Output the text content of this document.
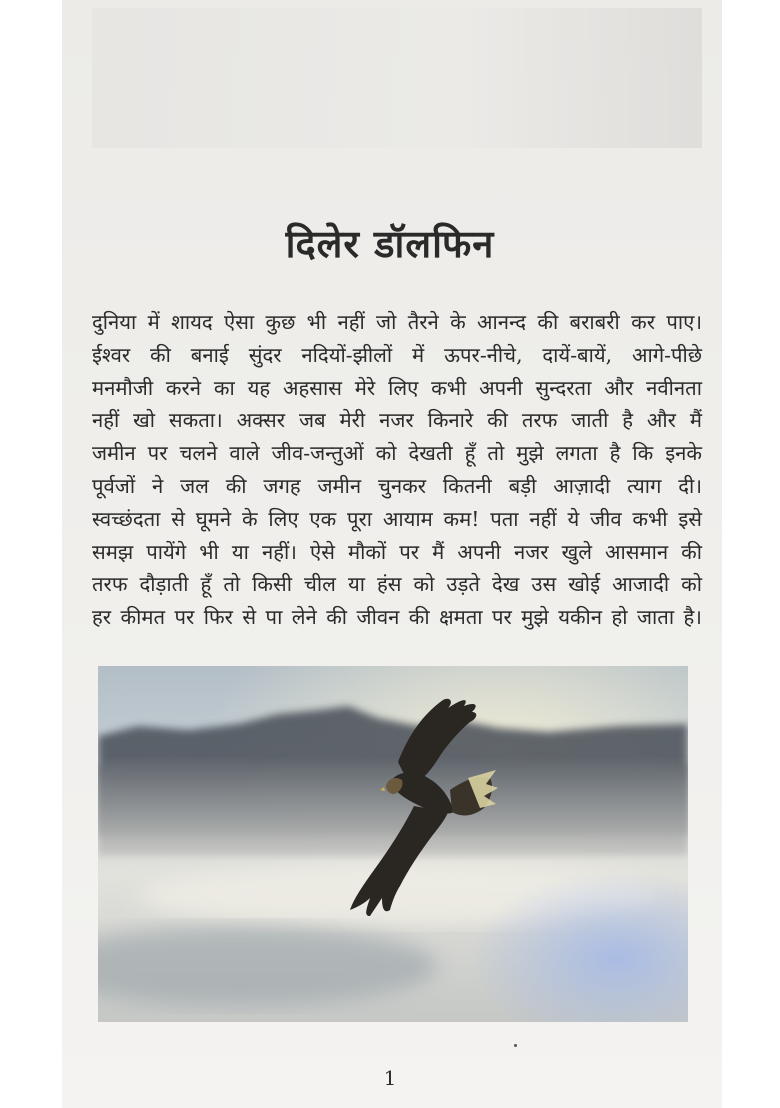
दिलेर डॉलफिन

दुनिया में शायद ऐसा कुछ भी नहीं जो तैरने के आनन्द की बराबरी कर पाए।
ईश्वर की बनाई सुंदर नदियों-झीलों में ऊपर-नीचे, दायें-बायें, आगे-पीछे
मनमौजी करने का यह अहसास मेरे लिए कभी अपनी सुन्दरता और नवीनता
नहीं खो सकता। अक्सर जब मेरी नजर किनारे की तरफ जाती है और मैं
जमीन पर चलने वाले जीव-जन्तुओं को देखती हूँ तो मुझे लगता है कि इनके
पूर्वजों ने जल की जगह जमीन चुनकर कितनी बड़ी आज़ादी त्याग दी।
स्वच्छंदता से घूमने के लिए एक पूरा आयाम कम! पता नहीं ये जीव कभी इसे
समझ पायेंगे भी या नहीं। ऐसे मौकों पर मैं अपनी नजर खुले आसमान की
तरफ दौड़ाती हूँ तो किसी चील या हंस को उड़ते देख उस खोई आजादी को
हर कीमत पर फिर से पा लेने की जीवन की क्षमता पर मुझे यकीन हो जाता है।

1
